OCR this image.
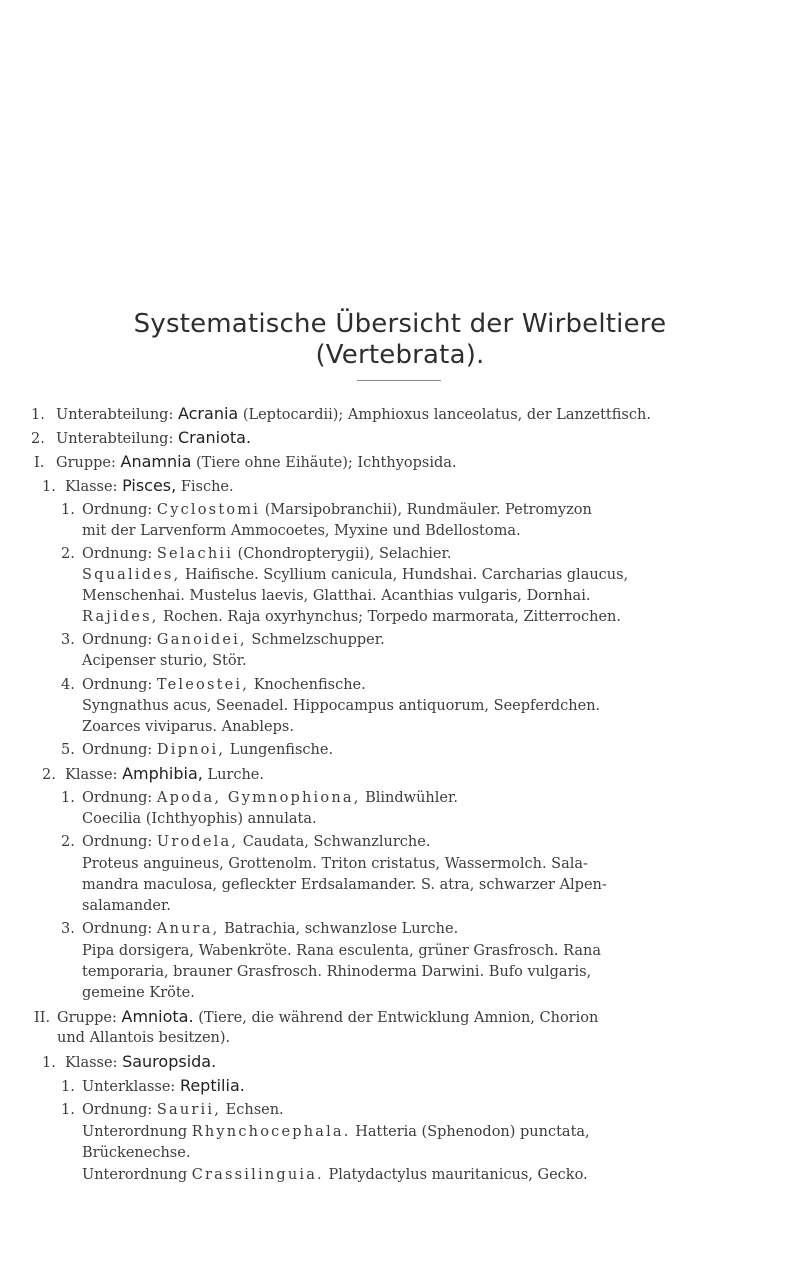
Systematische Übersicht der Wirbeltiere
(Vertebrata).
1. Unterabteilung: Acrania (Leptocardii); Amphioxus lanceolatus, der Lanzettfisch.
2. Unterabteilung: Craniota.
I. Gruppe: Anamnia (Tiere ohne Eihäute); Ichthyopsida.
1. Klasse: Pisces, Fische.
1. Ordnung: Cyclostomi (Marsipobranchii), Rundmäuler. Petromyzon
mit der Larvenform Ammocoetes, Myxine und Bdellostoma.
2. Ordnung: Selachii (Chondropterygii), Selachier.
Squalides, Haifische. Scyllium canicula, Hundshai. Carcharias glaucus,
Menschenhai. Mustelus laevis, Glatthai. Acanthias vulgaris, Dornhai.
Rajides, Rochen. Raja oxyrhynchus; Torpedo marmorata, Zitterrochen.
3. Ordnung: Ganoidei, Schmelzschupper.
Acipenser sturio, Stör.
4. Ordnung: Teleostei, Knochenfische.
Syngnathus acus, Seenadel. Hippocampus antiquorum, Seepferdchen.
Zoarces viviparus. Anableps.
5. Ordnung: Dipnoi, Lungenfische.
2. Klasse: Amphibia, Lurche.
1. Ordnung: Apoda, Gymnophiona, Blindwühler.
Coecilia (Ichthyophis) annulata.
2. Ordnung: Urodela, Caudata, Schwanzlurche.
Proteus anguineus, Grottenolm. Triton cristatus, Wassermolch. Sala-
mandra maculosa, gefleckter Erdsalamander. S. atra, schwarzer Alpen-
salamander.
3. Ordnung: Anura, Batrachia, schwanzlose Lurche.
Pipa dorsigera, Wabenkröte. Rana esculenta, grüner Grasfrosch. Rana
temporaria, brauner Grasfrosch. Rhinoderma Darwini. Bufo vulgaris,
gemeine Kröte.
II. Gruppe: Amniota. (Tiere, die während der Entwicklung Amnion, Chorion
und Allantois besitzen).
1. Klasse: Sauropsida.
1. Unterklasse: Reptilia.
1. Ordnung: Saurii, Echsen.
Unterordnung Rhynchocephala. Hatteria (Sphenodon) punctata,
Brückenechse.
Unterordnung Crassilinguia. Platydactylus mauritanicus, Gecko.
